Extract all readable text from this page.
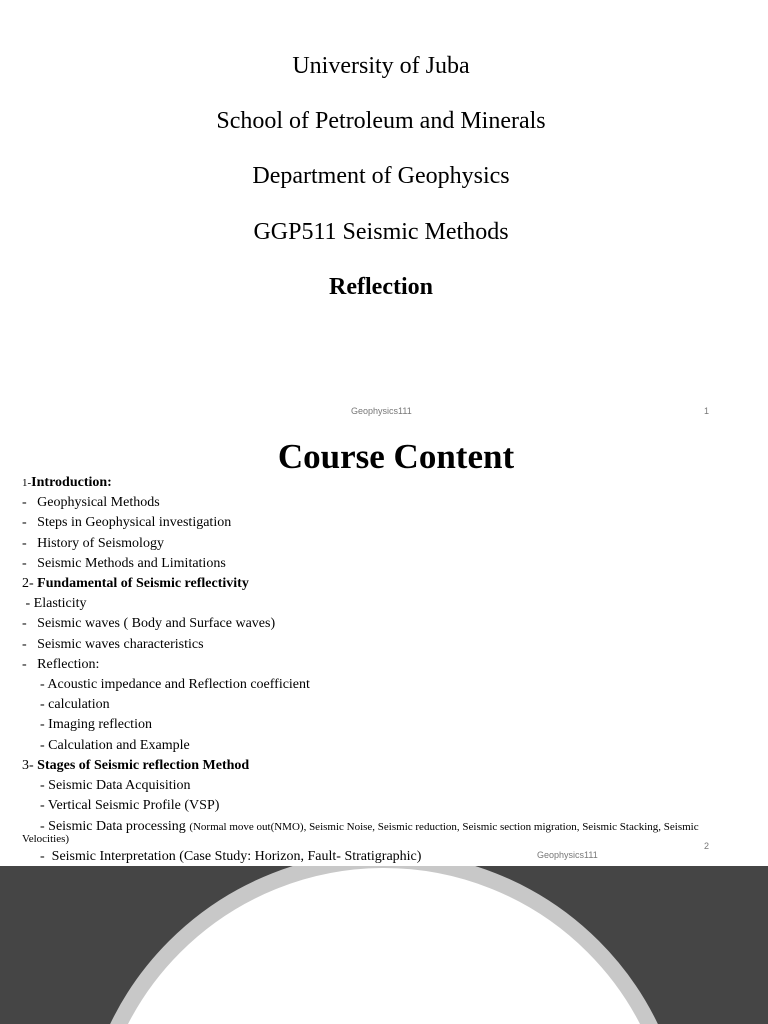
University of Juba
School of Petroleum and Minerals
Department of Geophysics
GGP511 Seismic Methods
Reflection
Geophysics111	1
Course Content
1-Introduction:
-   Geophysical Methods
-   Steps in Geophysical investigation
-   History of Seismology
-   Seismic Methods and Limitations
2- Fundamental of Seismic reflectivity
- Elasticity
-   Seismic waves ( Body and Surface waves)
-   Seismic waves characteristics
-   Reflection:
- Acoustic impedance and Reflection coefficient
- calculation
- Imaging reflection
- Calculation and Example
3- Stages of Seismic reflection Method
- Seismic Data Acquisition
- Vertical Seismic Profile (VSP)
- Seismic Data processing (Normal move out(NMO), Seismic Noise, Seismic reduction, Seismic section migration, Seismic Stacking, Seismic Velocities)
-  Seismic Interpretation (Case Study: Horizon, Fault- Stratigraphic)	Geophysics111
2
